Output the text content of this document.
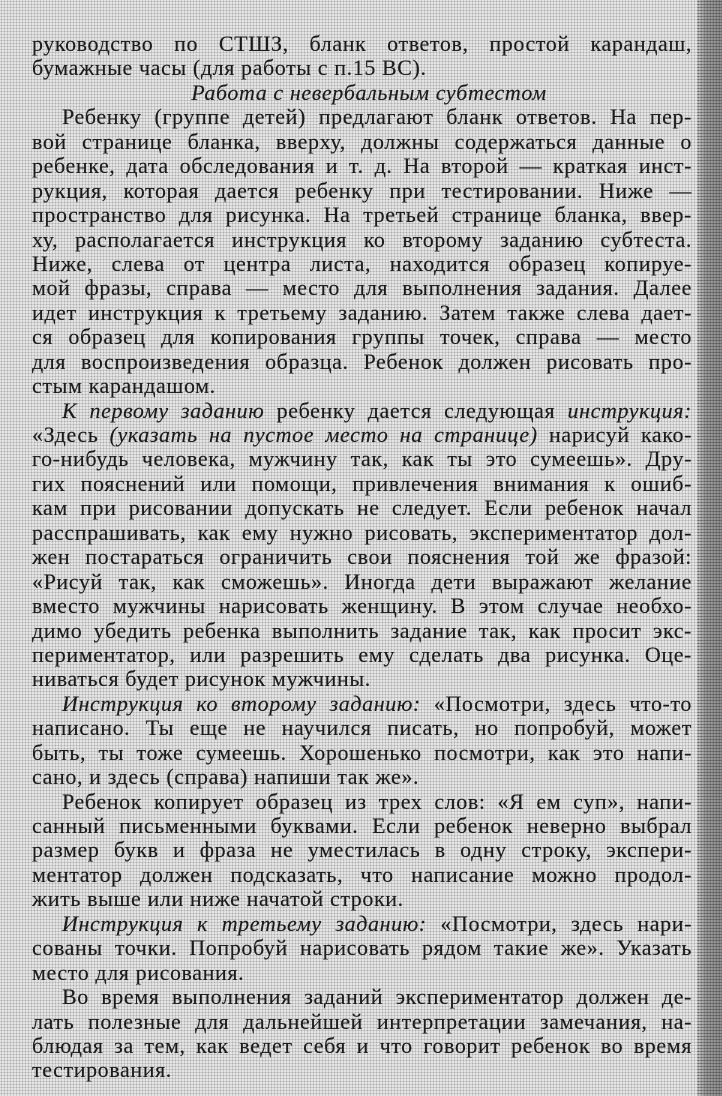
руководство по СТШЗ, бланк ответов, простой карандаш,
бумажные часы (для работы с п.15 ВС).
Работа с невербальным субтестом
Ребенку (группе детей) предлагают бланк ответов. На пер-
вой странице бланка, вверху, должны содержаться данные о
ребенке, дата обследования и т. д. На второй — краткая инст-
рукция, которая дается ребенку при тестировании. Ниже —
пространство для рисунка. На третьей странице бланка, ввер-
ху, располагается инструкция ко второму заданию субтеста.
Ниже, слева от центра листа, находится образец копируе-
мой фразы, справа — место для выполнения задания. Далее
идет инструкция к третьему заданию. Затем также слева дает-
ся образец для копирования группы точек, справа — место
для воспроизведения образца. Ребенок должен рисовать про-
стым карандашом.
К первому заданию ребенку дается следующая инструкция:
«Здесь (указать на пустое место на странице) нарисуй како-
го-нибудь человека, мужчину так, как ты это сумеешь». Дру-
гих пояснений или помощи, привлечения внимания к ошиб-
кам при рисовании допускать не следует. Если ребенок начал
расспрашивать, как ему нужно рисовать, экспериментатор дол-
жен постараться ограничить свои пояснения той же фразой:
«Рисуй так, как сможешь». Иногда дети выражают желание
вместо мужчины нарисовать женщину. В этом случае необхо-
димо убедить ребенка выполнить задание так, как просит экс-
периментатор, или разрешить ему сделать два рисунка. Оце-
ниваться будет рисунок мужчины.
Инструкция ко второму заданию: «Посмотри, здесь что-то
написано. Ты еще не научился писать, но попробуй, может
быть, ты тоже сумеешь. Хорошенько посмотри, как это напи-
сано, и здесь (справа) напиши так же».
Ребенок копирует образец из трех слов: «Я ем суп», напи-
санный письменными буквами. Если ребенок неверно выбрал
размер букв и фраза не уместилась в одну строку, экспери-
ментатор должен подсказать, что написание можно продол-
жить выше или ниже начатой строки.
Инструкция к третьему заданию: «Посмотри, здесь нари-
сованы точки. Попробуй нарисовать рядом такие же». Указать
место для рисования.
Во время выполнения заданий экспериментатор должен де-
лать полезные для дальнейшей интерпретации замечания, на-
блюдая за тем, как ведет себя и что говорит ребенок во время
тестирования.
